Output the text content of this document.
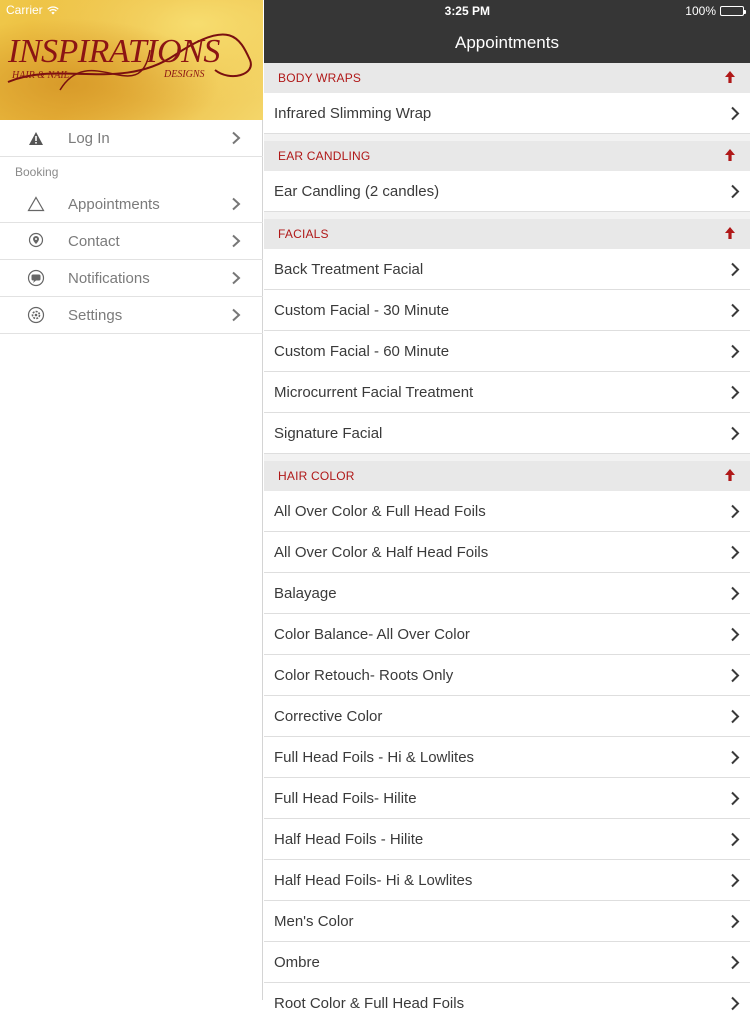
Carrier
INSPIRATIONS
HAIR & NAIL	DESIGNS
Log In
Booking
Appointments
Contact
Notifications
Settings
3:25 PM	100%
Appointments
BODY WRAPS
Infrared Slimming Wrap
EAR CANDLING
Ear Candling (2 candles)
FACIALS
Back Treatment Facial
Custom Facial - 30 Minute
Custom Facial - 60 Minute
Microcurrent Facial Treatment
Signature Facial
HAIR COLOR
All Over Color & Full Head Foils
All Over Color & Half Head Foils
Balayage
Color Balance- All Over Color
Color Retouch- Roots Only
Corrective Color
Full Head Foils - Hi & Lowlites
Full Head Foils- Hilite
Half Head Foils - Hilite
Half Head Foils- Hi & Lowlites
Men's Color
Ombre
Root Color & Full Head Foils
